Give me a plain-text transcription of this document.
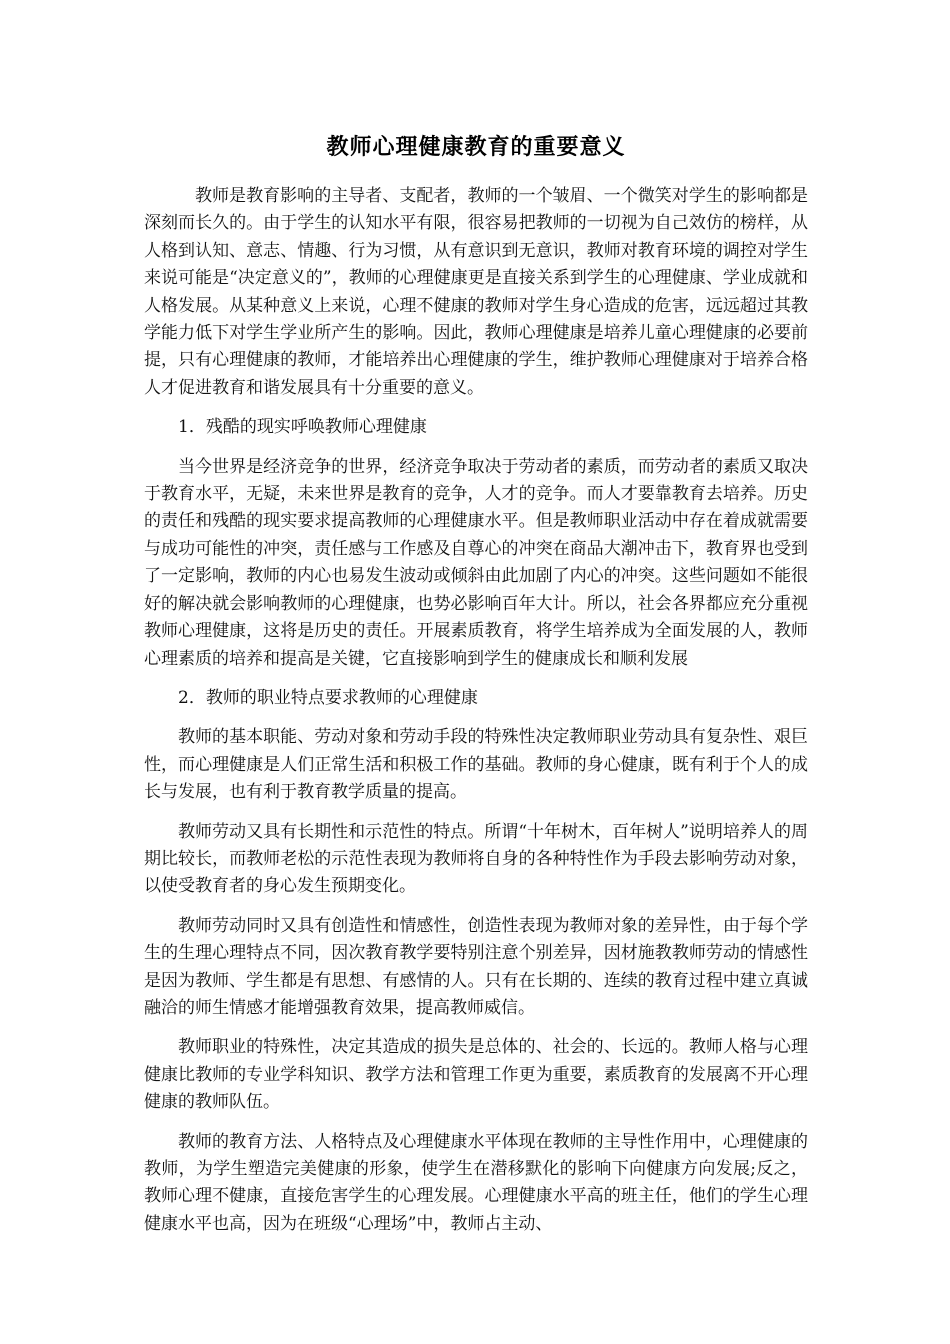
教师心理健康教育的重要意义

教师是教育影响的主导者、支配者，教师的一个皱眉、一个微笑对学生的影响都是深刻而长久的。由于学生的认知水平有限，很容易把教师的一切视为自己效仿的榜样，从人格到认知、意志、情趣、行为习惯，从有意识到无意识，教师对教育环境的调控对学生来说可能是“决定意义的”，教师的心理健康更是直接关系到学生的心理健康、学业成就和人格发展。从某种意义上来说，心理不健康的教师对学生身心造成的危害，远远超过其教学能力低下对学生学业所产生的影响。因此，教师心理健康是培养儿童心理健康的必要前提，只有心理健康的教师，才能培养出心理健康的学生，维护教师心理健康对于培养合格人才促进教育和谐发展具有十分重要的意义。

1．残酷的现实呼唤教师心理健康

当今世界是经济竞争的世界，经济竞争取决于劳动者的素质，而劳动者的素质又取决于教育水平，无疑，未来世界是教育的竞争，人才的竞争。而人才要靠教育去培养。历史的责任和残酷的现实要求提高教师的心理健康水平。但是教师职业活动中存在着成就需要与成功可能性的冲突，责任感与工作感及自尊心的冲突在商品大潮冲击下，教育界也受到了一定影响，教师的内心也易发生波动或倾斜由此加剧了内心的冲突。这些问题如不能很好的解决就会影响教师的心理健康，也势必影响百年大计。所以，社会各界都应充分重视教师心理健康，这将是历史的责任。开展素质教育，将学生培养成为全面发展的人，教师心理素质的培养和提高是关键，它直接影响到学生的健康成长和顺利发展

2．教师的职业特点要求教师的心理健康

教师的基本职能、劳动对象和劳动手段的特殊性决定教师职业劳动具有复杂性、艰巨性，而心理健康是人们正常生活和积极工作的基础。教师的身心健康，既有利于个人的成长与发展，也有利于教育教学质量的提高。

教师劳动又具有长期性和示范性的特点。所谓“十年树木，百年树人”说明培养人的周期比较长，而教师老松的示范性表现为教师将自身的各种特性作为手段去影响劳动对象，以使受教育者的身心发生预期变化。

教师劳动同时又具有创造性和情感性，创造性表现为教师对象的差异性，由于每个学生的生理心理特点不同，因次教育教学要特别注意个别差异，因材施教教师劳动的情感性是因为教师、学生都是有思想、有感情的人。只有在长期的、连续的教育过程中建立真诚融洽的师生情感才能增强教育效果，提高教师威信。

教师职业的特殊性，决定其造成的损失是总体的、社会的、长远的。教师人格与心理健康比教师的专业学科知识、教学方法和管理工作更为重要，素质教育的发展离不开心理健康的教师队伍。

教师的教育方法、人格特点及心理健康水平体现在教师的主导性作用中，心理健康的教师，为学生塑造完美健康的形象，使学生在潜移默化的影响下向健康方向发展;反之，教师心理不健康，直接危害学生的心理发展。心理健康水平高的班主任，他们的学生心理健康水平也高，因为在班级“心理场”中，教师占主动、
